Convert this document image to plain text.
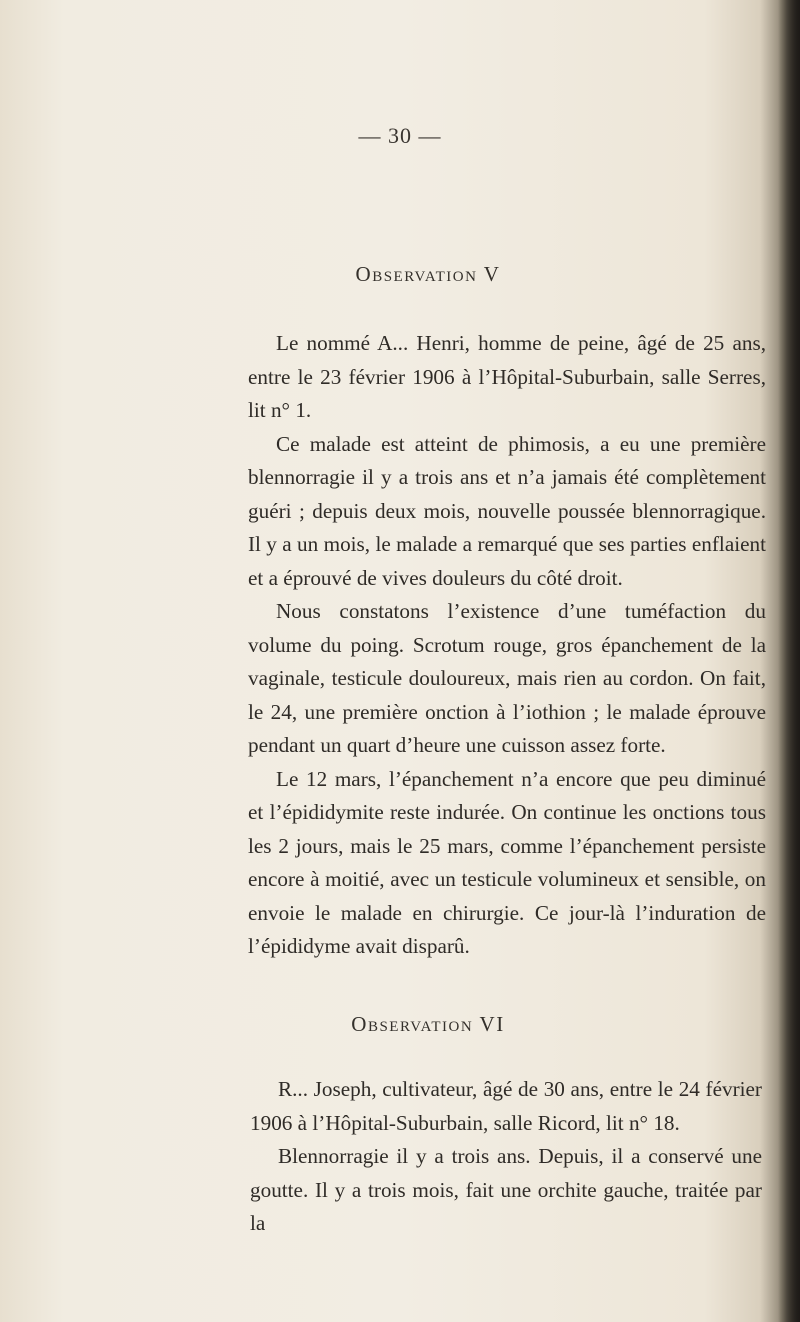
— 30 —
Observation V

Le nommé A... Henri, homme de peine, âgé de 25 ans, entre le 23 février 1906 à l’Hôpital-Suburbain, salle Serres, lit n° 1.

Ce malade est atteint de phimosis, a eu une première blennorragie il y a trois ans et n’a jamais été complètement guéri ; depuis deux mois, nouvelle poussée blennorragique. Il y a un mois, le malade a remarqué que ses parties enflaient et a éprouvé de vives douleurs du côté droit.

Nous constatons l’existence d’une tuméfaction du volume du poing. Scrotum rouge, gros épanchement de la vaginale, testicule douloureux, mais rien au cordon. On fait, le 24, une première onction à l’iothion ; le malade éprouve pendant un quart d’heure une cuisson assez forte.

Le 12 mars, l’épanchement n’a encore que peu diminué et l’épididymite reste indurée. On continue les onctions tous les 2 jours, mais le 25 mars, comme l’épanchement persiste encore à moitié, avec un testicule volumineux et sensible, on envoie le malade en chirurgie. Ce jour-là l’induration de l’épididyme avait disparû.

Observation VI

R... Joseph, cultivateur, âgé de 30 ans, entre le 24 février 1906 à l’Hôpital-Suburbain, salle Ricord, lit n° 18.

Blennorragie il y a trois ans. Depuis, il a conservé une goutte. Il y a trois mois, fait une orchite gauche, traitée par la
